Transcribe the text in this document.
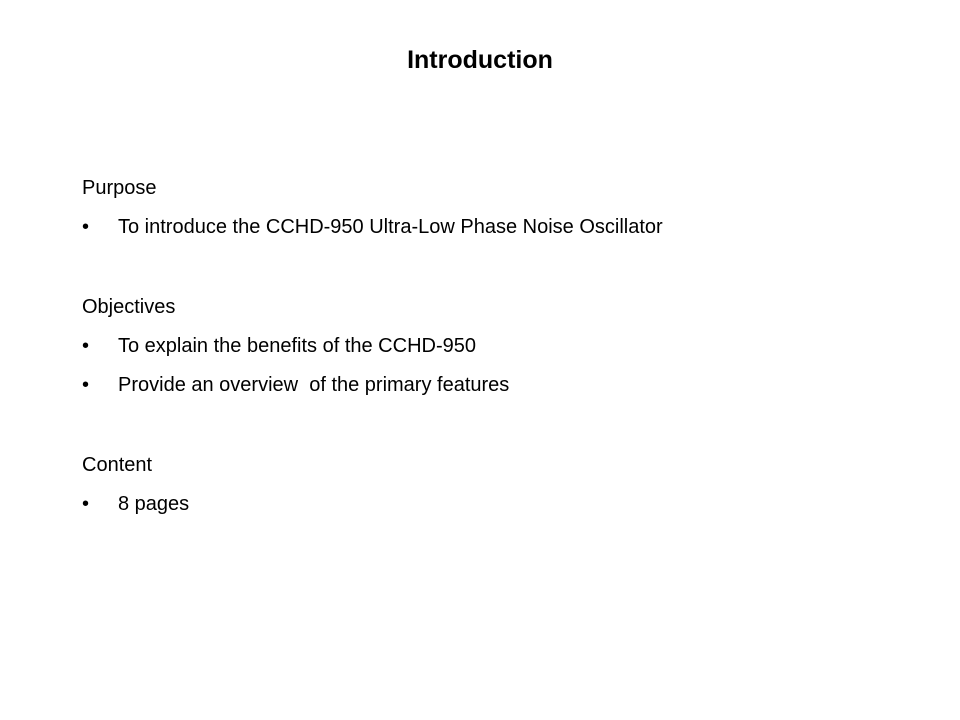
Introduction

Purpose

•	To introduce the CCHD-950 Ultra-Low Phase Noise Oscillator

Objectives

•	To explain the benefits of the CCHD-950
•	Provide an overview  of the primary features

Content

•	8 pages
